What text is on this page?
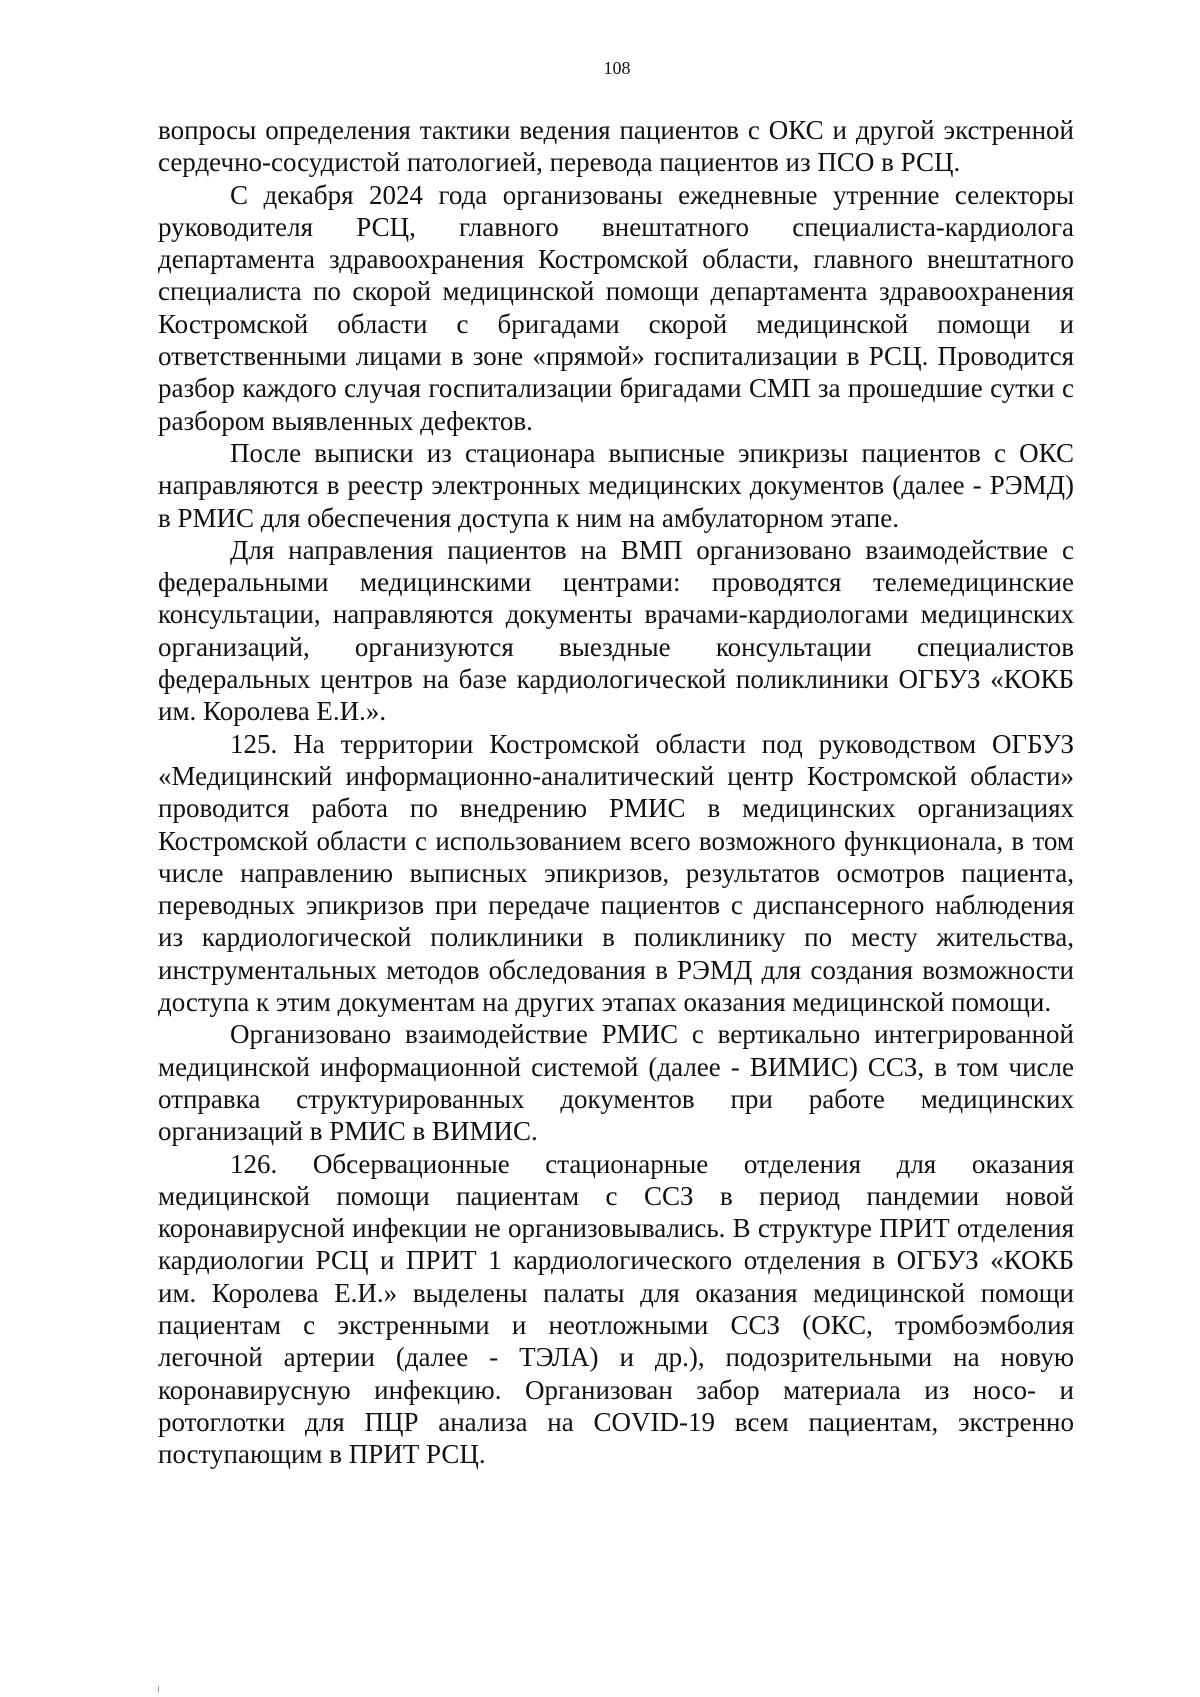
108

вопросы определения тактики ведения пациентов с ОКС и другой экстренной сердечно-сосудистой патологией, перевода пациентов из ПСО в РСЦ.

С декабря 2024 года организованы ежедневные утренние селекторы руководителя РСЦ, главного внештатного специалиста-кардиолога департамента здравоохранения Костромской области, главного внештатного специалиста по скорой медицинской помощи департамента здравоохранения Костромской области с бригадами скорой медицинской помощи и ответственными лицами в зоне «прямой» госпитализации в РСЦ. Проводится разбор каждого случая госпитализации бригадами СМП за прошедшие сутки с разбором выявленных дефектов.

После выписки из стационара выписные эпикризы пациентов с ОКС направляются в реестр электронных медицинских документов (далее - РЭМД) в РМИС для обеспечения доступа к ним на амбулаторном этапе.

Для направления пациентов на ВМП организовано взаимодействие с федеральными медицинскими центрами: проводятся телемедицинские консультации, направляются документы врачами-кардиологами медицинских организаций, организуются выездные консультации специалистов федеральных центров на базе кардиологической поликлиники ОГБУЗ «КОКБ им. Королева Е.И.».

125. На территории Костромской области под руководством ОГБУЗ «Медицинский информационно-аналитический центр Костромской области» проводится работа по внедрению РМИС в медицинских организациях Костромской области с использованием всего возможного функционала, в том числе направлению выписных эпикризов, результатов осмотров пациента, переводных эпикризов при передаче пациентов с диспансерного наблюдения из кардиологической поликлиники в поликлинику по месту жительства, инструментальных методов обследования в РЭМД для создания возможности доступа к этим документам на других этапах оказания медицинской помощи.

Организовано взаимодействие РМИС с вертикально интегрированной медицинской информационной системой (далее - ВИМИС) ССЗ, в том числе отправка структурированных документов при работе медицинских организаций в РМИС в ВИМИС.

126. Обсервационные стационарные отделения для оказания медицинской помощи пациентам с ССЗ в период пандемии новой коронавирусной инфекции не организовывались. В структуре ПРИТ отделения кардиологии РСЦ и ПРИТ 1 кардиологического отделения в ОГБУЗ «КОКБ им. Королева Е.И.» выделены палаты для оказания медицинской помощи пациентам с экстренными и неотложными ССЗ (ОКС, тромбоэмболия легочной артерии (далее - ТЭЛА) и др.), подозрительными на новую коронавирусную инфекцию. Организован забор материала из носо- и ротоглотки для ПЦР анализа на COVID-19 всем пациентам, экстренно поступающим в ПРИТ РСЦ.
